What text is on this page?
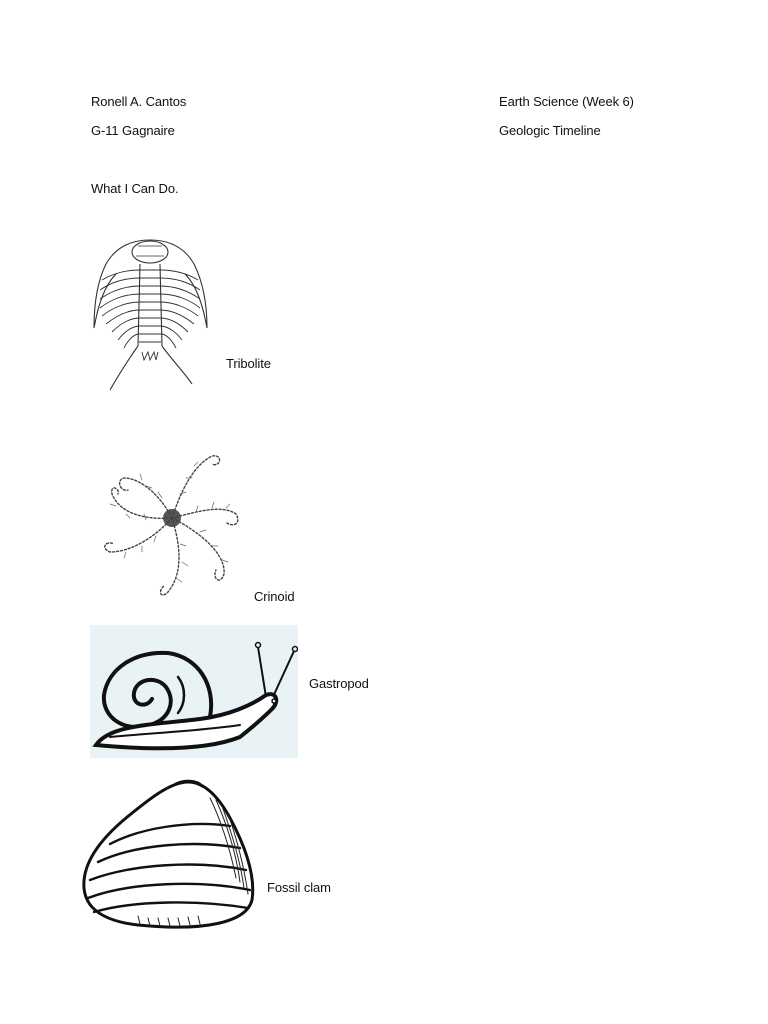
Ronell A. Cantos
G-11 Gagnaire
Earth Science (Week 6)
Geologic Timeline
What I Can Do.
Tribolite
Crinoid
Gastropod
Fossil clam
